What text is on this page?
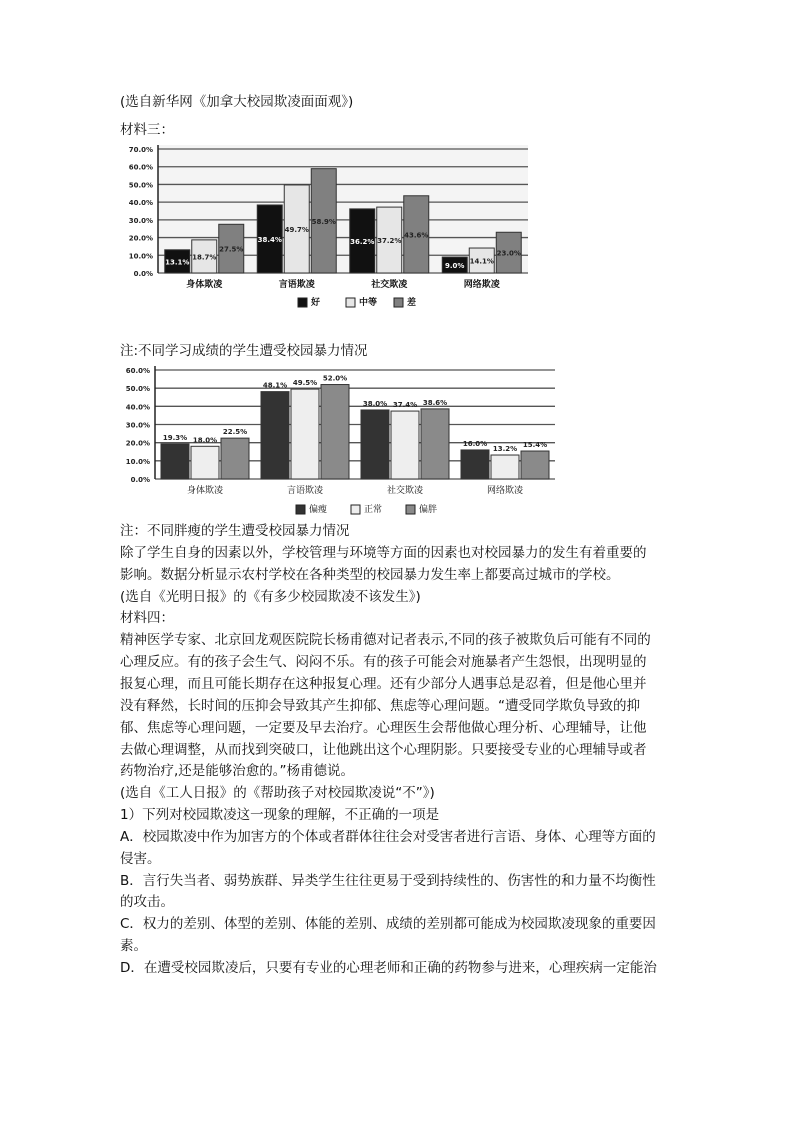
(选自新华网《加拿大校园欺凌面面观》)
材料三：
0.0%
10.0%
20.0%
30.0%
40.0%
50.0%
60.0%
70.0%
身体欺凌
13.1%
18.7%
27.5%
言语欺凌
38.4%
49.7%
58.9%
社交欺凌
36.2% 37.2%
43.6%
网络欺凌
9.0%
14.1%
23.0%
好	中等	差
注:不同学习成绩的学生遭受校园暴力情况
0.0%
10.0%
20.0%
30.0%
40.0%
50.0%
60.0%
身体欺凌
19.3% 18.0%
22.5%
言语欺凌
48.1% 49.5%
52.0%
社交欺凌
38.0% 37.4% 38.6%
网络欺凌
16.0%
13.2% 15.4%
偏瘦	正常	偏胖
注：不同胖瘦的学生遭受校园暴力情况
除了学生自身的因素以外，学校管理与环境等方面的因素也对校园暴力的发生有着重要的
影响。数据分析显示农村学校在各种类型的校园暴力发生率上都要高过城市的学校。
(选自《光明日报》的《有多少校园欺凌不该发生》)
材料四：
精神医学专家、北京回龙观医院院长杨甫德对记者表示,不同的孩子被欺负后可能有不同的
心理反应。有的孩子会生气、闷闷不乐。有的孩子可能会对施暴者产生怨恨，出现明显的
报复心理，而且可能长期存在这种报复心理。还有少部分人遇事总是忍着，但是他心里并
没有释然，长时间的压抑会导致其产生抑郁、焦虑等心理问题。“遭受同学欺负导致的抑
郁、焦虑等心理问题，一定要及早去治疗。心理医生会帮他做心理分析、心理辅导，让他
去做心理调整，从而找到突破口，让他跳出这个心理阴影。只要接受专业的心理辅导或者
药物治疗,还是能够治愈的。”杨甫德说。
(选自《工人日报》的《帮助孩子对校园欺凌说“不”》)
1）下列对校园欺凌这一现象的理解，不正确的一项是
A．校园欺凌中作为加害方的个体或者群体往往会对受害者进行言语、身体、心理等方面的
侵害。
B．言行失当者、弱势族群、异类学生往往更易于受到持续性的、伤害性的和力量不均衡性
的攻击。
C．权力的差别、体型的差别、体能的差别、成绩的差别都可能成为校园欺凌现象的重要因
素。
D．在遭受校园欺凌后，只要有专业的心理老师和正确的药物参与进来，心理疾病一定能治
